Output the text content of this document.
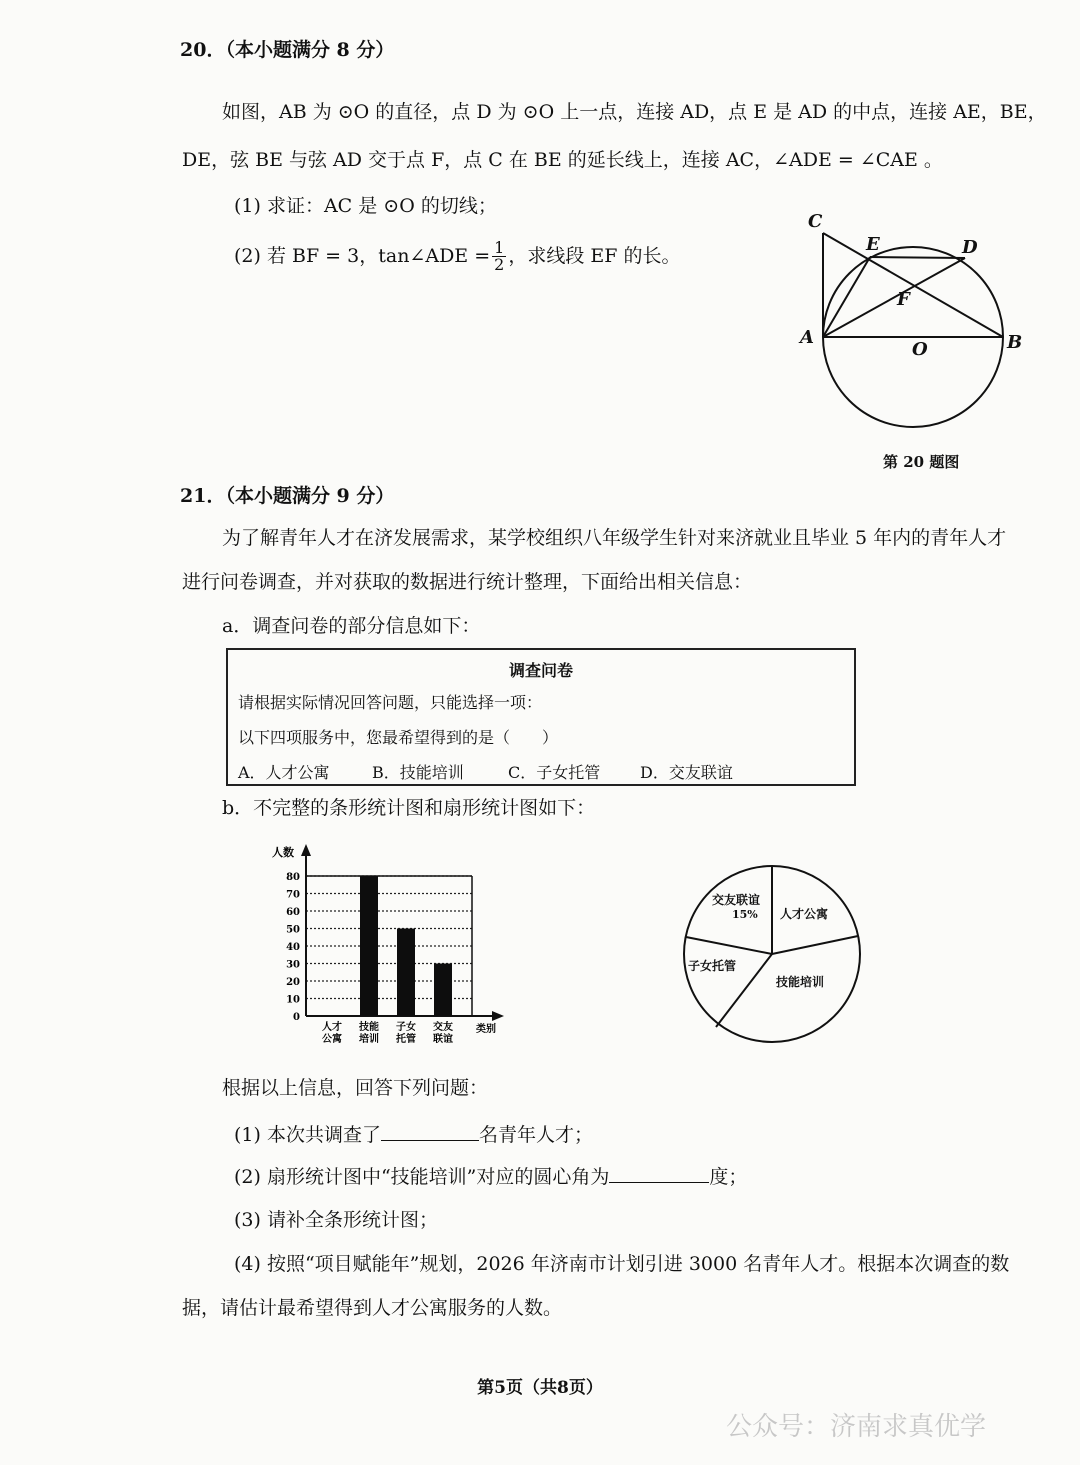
20．（本小题满分 8 分）
如图，AB 为 ⊙O 的直径，点 D 为 ⊙O 上一点，连接 AD，点 E 是 AD 的中点，连接 AE，BE，
DE，弦 BE 与弦 AD 交于点 F，点 C 在 BE 的延长线上，连接 AC，∠ADE = ∠CAE 。
(1) 求证：AC 是 ⊙O 的切线；
(2) 若 BF = 3，tan∠ADE = $\frac{1}{2}$ ，求线段 EF 的长。
C
E	D
F
A
O	B
第 20 题图
21．（本小题满分 9 分）
为了解青年人才在济发展需求，某学校组织八年级学生针对来济就业且毕业 5 年内的青年人才
进行问卷调查，并对获取的数据进行统计整理，下面给出相关信息：
a．调查问卷的部分信息如下：
调查问卷
请根据实际情况回答问题，只能选择一项：
以下四项服务中，您最希望得到的是（　　）
A．人才公寓	B．技能培训	C．子女托管 D．交友联谊
b．不完整的条形统计图和扇形统计图如下：
人数
类别
0
10
20
30
40
50
60
70
80
人才
公寓
技能
培训
子女
托管
交友
联谊
交友联谊
15% 人才公寓
技能培训
子女托管
根据以上信息，回答下列问题：
(1) 本次共调查了	名青年人才；
(2) 扇形统计图中“技能培训”对应的圆心角为	度；
(3) 请补全条形统计图；
(4) 按照“项目赋能年”规划，2026 年济南市计划引进 3000 名青年人才。根据本次调查的数
据，请估计最希望得到人才公寓服务的人数。
第5页（共8页）
公众号：济南求真优学
